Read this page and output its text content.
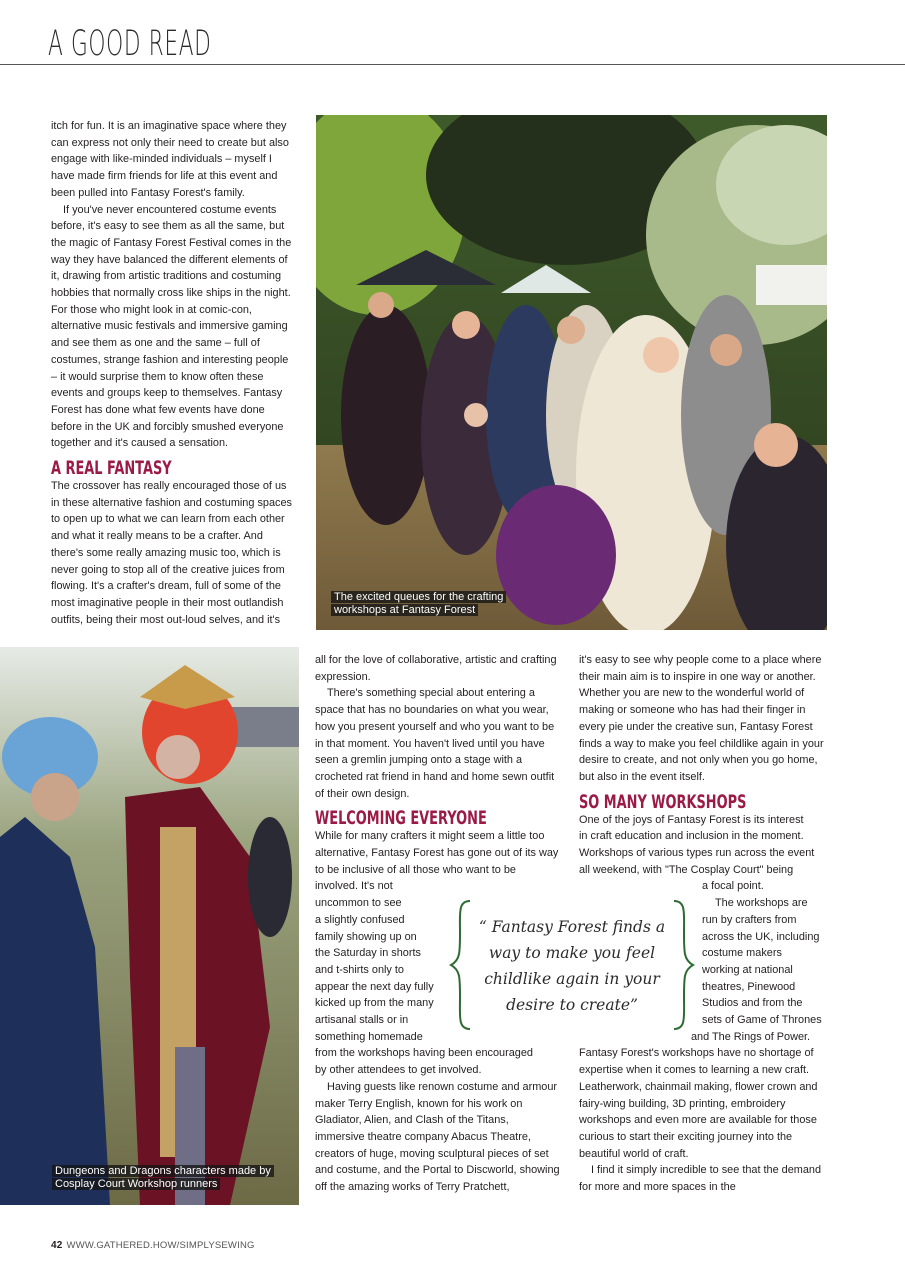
A GOOD READ
The excited queues for the crafting workshops at Fantasy Forest
Dungeons and Dragons characters made by Cosplay Court Workshop runners

itch for fun. It is an imaginative space where they can express not only their need to create but also engage with like-minded individuals – myself I have made firm friends for life at this event and been pulled into Fantasy Forest's family.

If you've never encountered costume events before, it's easy to see them as all the same, but the magic of Fantasy Forest Festival comes in the way they have balanced the different elements of it, drawing from artistic traditions and costuming hobbies that normally cross like ships in the night. For those who might look in at comic-con, alternative music festivals and immersive gaming and see them as one and the same – full of costumes, strange fashion and interesting people – it would surprise them to know often these events and groups keep to themselves. Fantasy Forest has done what few events have done before in the UK and forcibly smushed everyone together and it's caused a sensation.

A REAL FANTASY

The crossover has really encouraged those of us in these alternative fashion and costuming spaces to open up to what we can learn from each other and what it really means to be a crafter. And there's some really amazing music too, which is never going to stop all of the creative juices from flowing. It's a crafter's dream, full of some of the most imaginative people in their most outlandish outfits, being their most out-loud selves, and it's

all for the love of collaborative, artistic and crafting expression.

There's something special about entering a space that has no boundaries on what you wear, how you present yourself and who you want to be in that moment. You haven't lived until you have seen a gremlin jumping onto a stage with a crocheted rat friend in hand and home sewn outfit of their own design.

WELCOMING EVERYONE

While for many crafters it might seem a little too
alternative, Fantasy Forest has gone out of its way
to be inclusive of all those who want to be
involved. It's not
uncommon to see
a slightly confused
family showing up on
the Saturday in shorts
and t-shirts only to
appear the next day fully
kicked up from the many
artisanal stalls or in
something homemade
from the workshops having been encouraged
by other attendees to get involved.

Having guests like renown costume and armour maker Terry English, known for his work on Gladiator, Alien, and Clash of the Titans, immersive theatre company Abacus Theatre, creators of huge, moving sculptural pieces of set and costume, and the Portal to Discworld, showing off the amazing works of Terry Pratchett,

it's easy to see why people come to a place where their main aim is to inspire in one way or another. Whether you are new to the wonderful world of making or someone who has had their finger in every pie under the creative sun, Fantasy Forest finds a way to make you feel childlike again in your desire to create, and not only when you go home, but also in the event itself.

SO MANY WORKSHOPS

One of the joys of Fantasy Forest is its interest
in craft education and inclusion in the moment.
Workshops of various types run across the event
all weekend, with "The Cosplay Court" being
a focal point.
The workshops are
run by crafters from
across the UK, including
costume makers
working at national
theatres, Pinewood
Studios and from the
sets of Game of Thrones
and The Rings of Power.

Fantasy Forest's workshops have no shortage of expertise when it comes to learning a new craft. Leatherwork, chainmail making, flower crown and fairy-wing building, 3D printing, embroidery workshops and even more are available for those curious to start their exciting journey into the beautiful world of craft.

I find it simply incredible to see that the demand for more and more spaces in the

“ Fantasy Forest finds a way to make you feel childlike again in your desire to create”
42 WWW.GATHERED.HOW/SIMPLYSEWING
